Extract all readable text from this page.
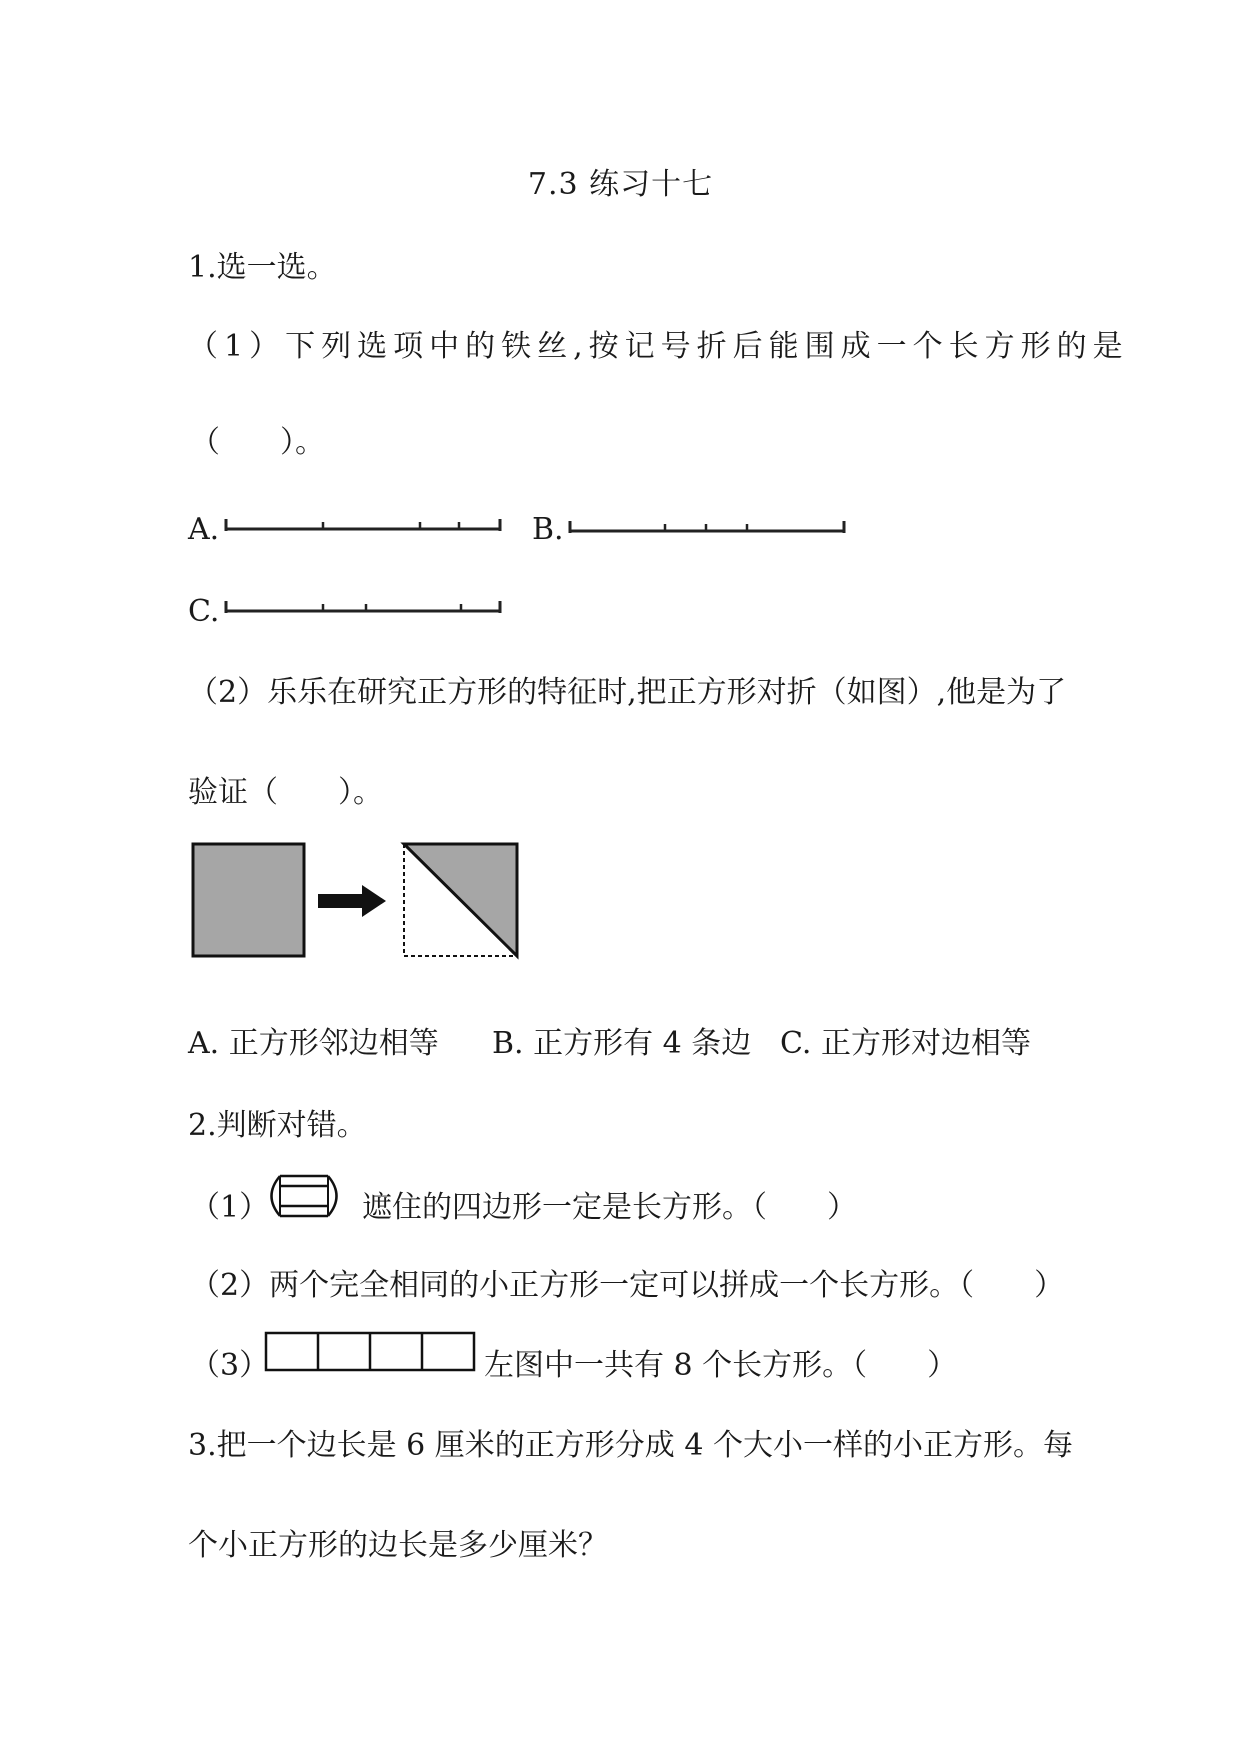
7.3 练习十七
1.选一选。
（1）下列选项中的铁丝,按记号折后能围成一个长方形的是
（　　）。
A.	B.
C.
（2）乐乐在研究正方形的特征时,把正方形对折（如图）,他是为了
验证（　　）。
A. 正方形邻边相等 B. 正方形有 4 条边 C. 正方形对边相等
2.判断对错。
（1）	遮住的四边形一定是长方形。（　　）
（2）两个完全相同的小正方形一定可以拼成一个长方形。（　　）
（3）	左图中一共有 8 个长方形。（　　）
3.把一个边长是 6 厘米的正方形分成 4 个大小一样的小正方形。每
个小正方形的边长是多少厘米？
